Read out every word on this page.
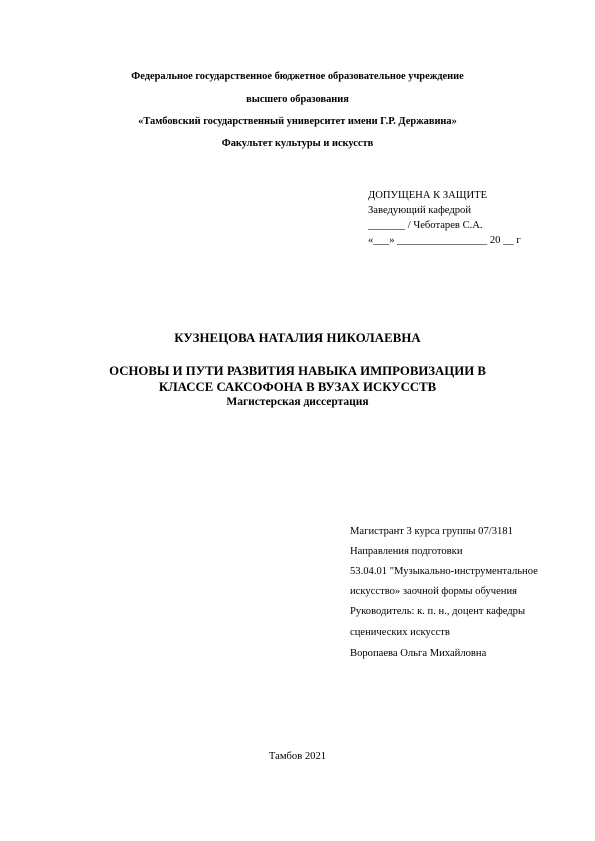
Федеральное государственное бюджетное образовательное учреждение
высшего образования
«Тамбовский государственный университет имени Г.Р. Державина»
Факультет культуры и искусств
ДОПУЩЕНА К ЗАЩИТЕ
Заведующий кафедрой
_______ / Чеботарев С.А.
«___» _________________ 20 __ г
КУЗНЕЦОВА НАТАЛИЯ НИКОЛАЕВНА
ОСНОВЫ И ПУТИ РАЗВИТИЯ НАВЫКА ИМПРОВИЗАЦИИ В
КЛАССЕ САКСОФОНА В ВУЗАХ ИСКУССТВ
Магистерская диссертация
Магистрант 3 курса группы 07/3181
Направления подготовки
53.04.01 "Музыкально-инструментальное
искусство» заочной формы обучения
Руководитель: к. п. н., доцент кафедры
сценических искусств
Воропаева Ольга Михайловна
Тамбов 2021
